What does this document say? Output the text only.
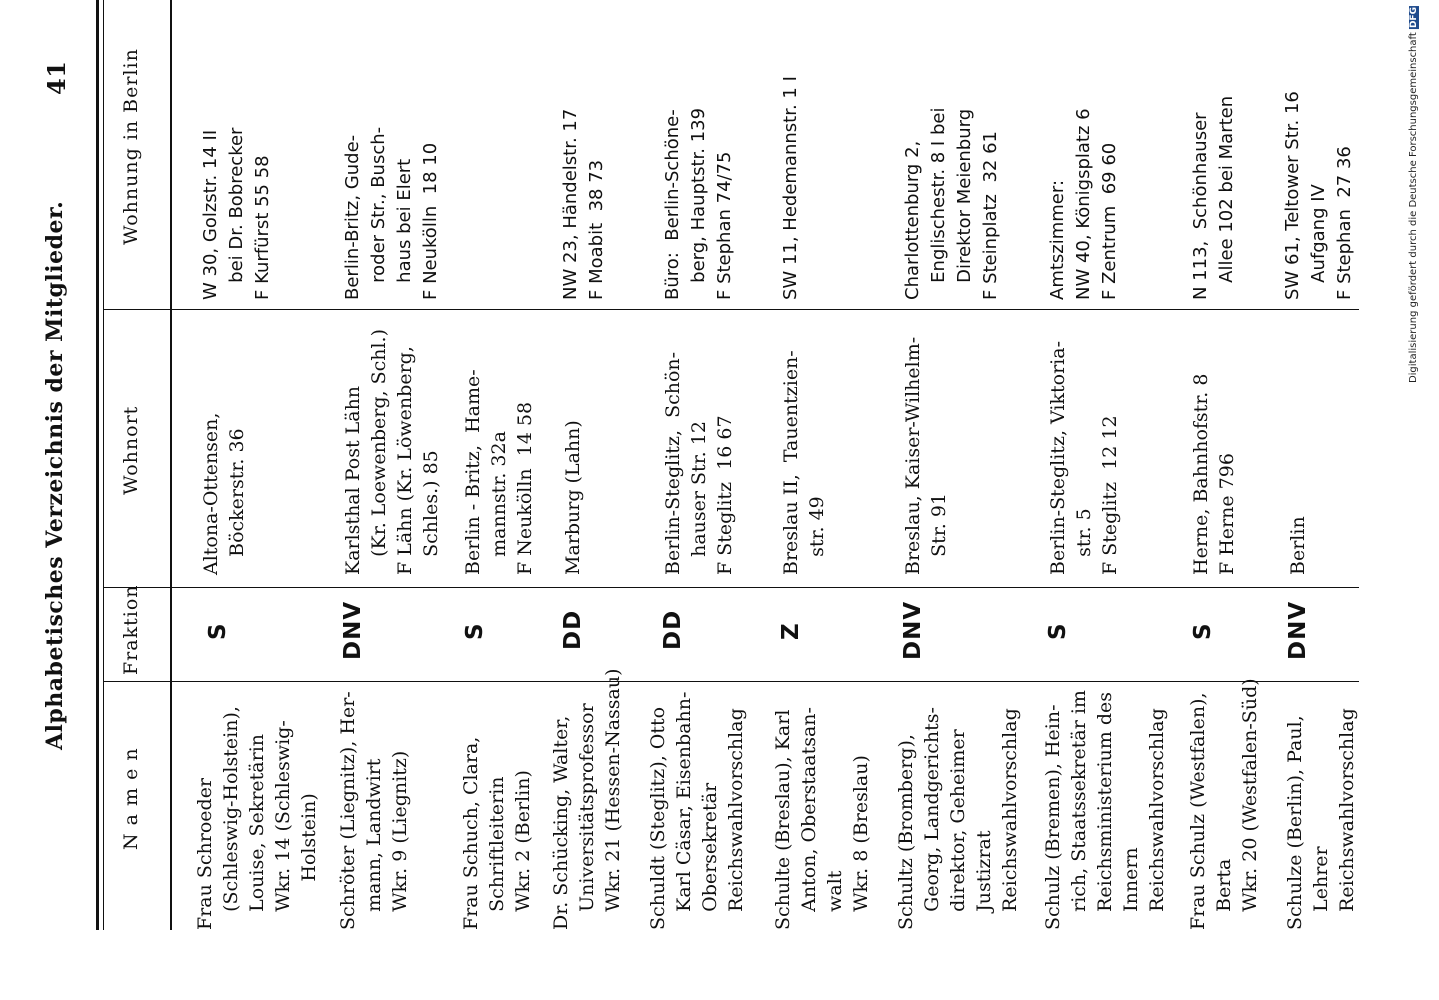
Alphabetisches Verzeichnis der Mitglieder.
41
N a m e n
Fraktion
Wohnort
Wohnung in Berlin
Frau Schroeder
(Schleswig-Holstein),
Louise, Sekretärin
Wkr. 14 (Schleswig-
Holstein)
S
Altona-Ottensen,
Böckerstr. 36
W 30, Golzstr. 14 II
bei Dr. Bobrecker
F Kurfürst 55 58
Schröter (Liegnitz), Her-
mann, Landwirt
Wkr. 9 (Liegnitz)
DNV
Karlsthal Post Lähn
(Kr. Loewenberg, Schl.)
F Lähn (Kr. Löwenberg,
Schles.) 85
Berlin-Britz, Gude-
roder Str., Busch-
haus bei Elert
F Neukölln  18 10
Frau Schuch, Clara,
Schriftleiterin
Wkr. 2 (Berlin)
S
Berlin - Britz,  Hame-
mannstr. 32a
F Neukölln  14 58
Dr. Schücking, Walter,
Universitätsprofessor
Wkr. 21 (Hessen-Nassau)
DD
Marburg (Lahn)
NW 23, Händelstr. 17
F Moabit  38 73
Schuldt (Steglitz), Otto
Karl Cäsar, Eisenbahn-
Obersekretär
Reichswahlvorschlag
DD
Berlin-Steglitz,  Schön-
hauser Str. 12
F Steglitz  16 67
Büro:  Berlin-Schöne-
berg, Hauptstr. 139
F Stephan 74/75
Schulte (Breslau), Karl
Anton, Oberstaatsan-
walt
Wkr. 8 (Breslau)
Z
Breslau II,  Tauentzien-
str. 49
SW 11, Hedemannstr. 1 I
Schultz (Bromberg),
Georg, Landgerichts-
direktor, Geheimer
Justizrat
Reichswahlvorschlag
DNV
Breslau, Kaiser-Wilhelm-
Str. 91
Charlottenburg 2,
Englischestr. 8 I bei
Direktor Meienburg
F Steinplatz  32 61
Schulz (Bremen), Hein-
rich, Staatssekretär im
Reichsministerium des
Innern
Reichswahlvorschlag
S
Berlin-Steglitz, Viktoria-
str. 5
F Steglitz  12 12
Amtszimmer:
NW 40, Königsplatz 6
F Zentrum  69 60
Frau Schulz (Westfalen),
Berta
Wkr. 20 (Westfalen-Süd)
S
Herne, Bahnhofstr. 8
F Herne 796
N 113,  Schönhauser
Allee 102 bei Marten
Schulze (Berlin), Paul,
Lehrer
Reichswahlvorschlag
DNV
Berlin
SW 61, Teltower Str. 16
Aufgang IV
F Stephan  27 36	Digitalisierung gefördert durch die Deutsche Forschungsgemeinschaft DFG
